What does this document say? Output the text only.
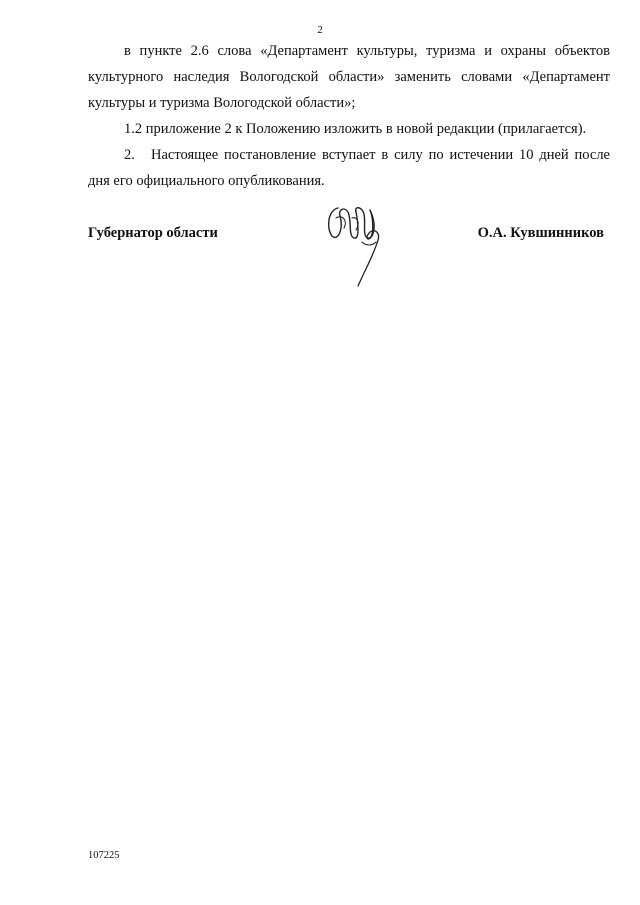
2

в пункте 2.6 слова «Департамент культуры, туризма и охраны объектов культурного наследия Вологодской области» заменить словами «Департамент культуры и туризма Вологодской области»;

1.2 приложение 2 к Положению изложить в новой редакции (прилагается).

2. Настоящее постановление вступает в силу по истечении 10 дней после дня его официального опубликования.

Губернатор области	О.А. Кувшинников
107225
